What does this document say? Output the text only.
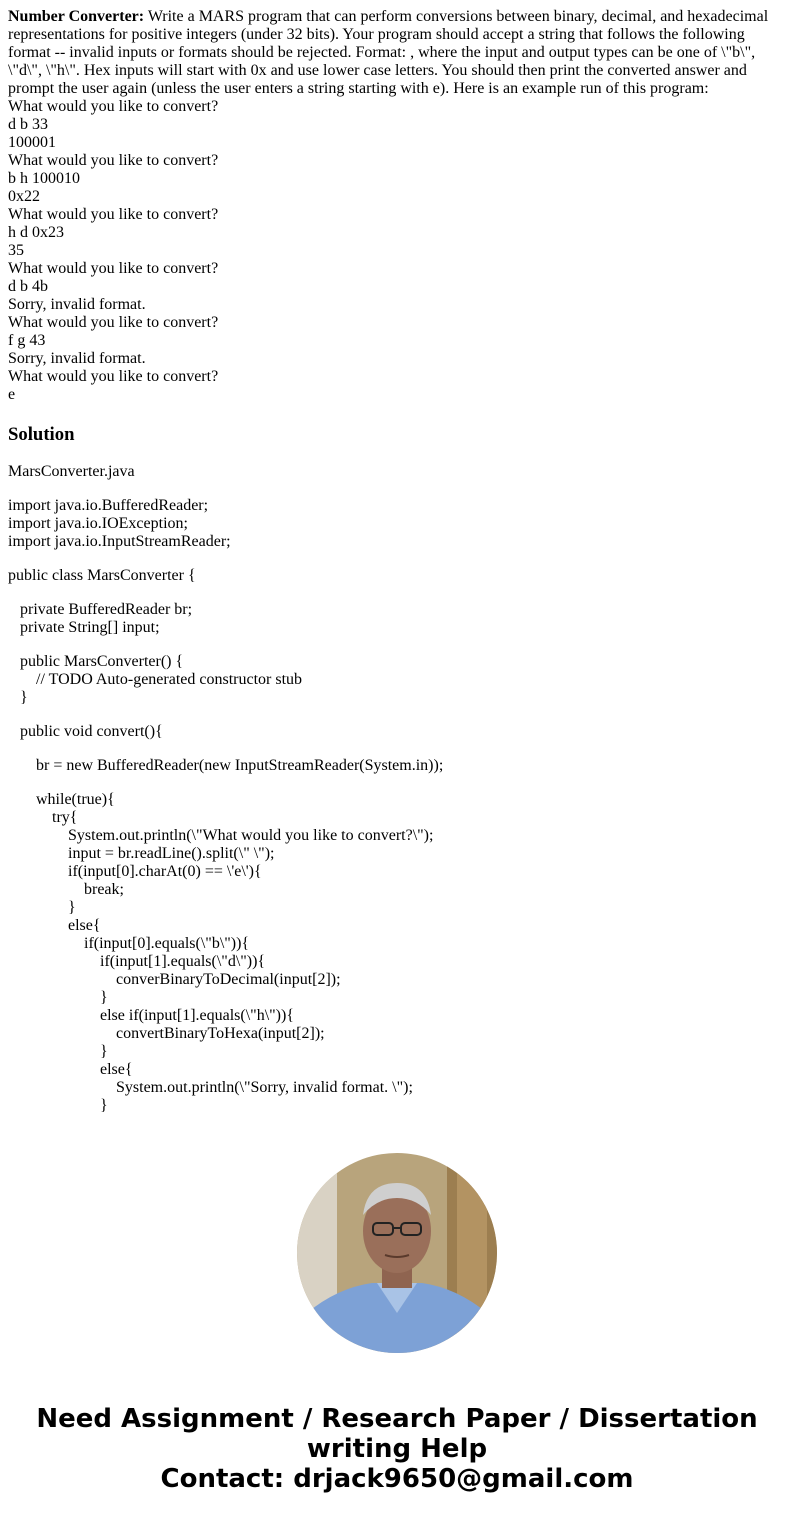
Number Converter: Write a MARS program that can perform conversions between binary, decimal, and hexadecimal representations for positive integers (under 32 bits). Your program should accept a string that follows the following format -- invalid inputs or formats should be rejected. Format: , where the input and output types can be one of \"b\", \"d\", \"h\". Hex inputs will start with 0x and use lower case letters. You should then print the converted answer and prompt the user again (unless the user enters a string starting with e). Here is an example run of this program:

What would you like to convert?
d b 33
100001
What would you like to convert?
b h 100010
0x22
What would you like to convert?
h d 0x23
35
What would you like to convert?
d b 4b
Sorry, invalid format.
What would you like to convert?
f g 43
Sorry, invalid format.
What would you like to convert?
e
Solution
MarsConverter.java
import java.io.BufferedReader;
import java.io.IOException;
import java.io.InputStreamReader;
public class MarsConverter {
private BufferedReader br;
private String[] input;
public MarsConverter() {
// TODO Auto-generated constructor stub
}
public void convert(){
br = new BufferedReader(new InputStreamReader(System.in));
while(true){
try{
System.out.println(\"What would you like to convert?\");
input = br.readLine().split(\" \");
if(input[0].charAt(0) == \'e\'){
break;
}
else{
if(input[0].equals(\"b\")){
if(input[1].equals(\"d\")){
converBinaryToDecimal(input[2]);
}
else if(input[1].equals(\"h\")){
convertBinaryToHexa(input[2]);
}
else{
System.out.println(\"Sorry, invalid format. \");
}
Need Assignment / Research Paper / Dissertation
writing Help
Contact: drjack9650@gmail.com
